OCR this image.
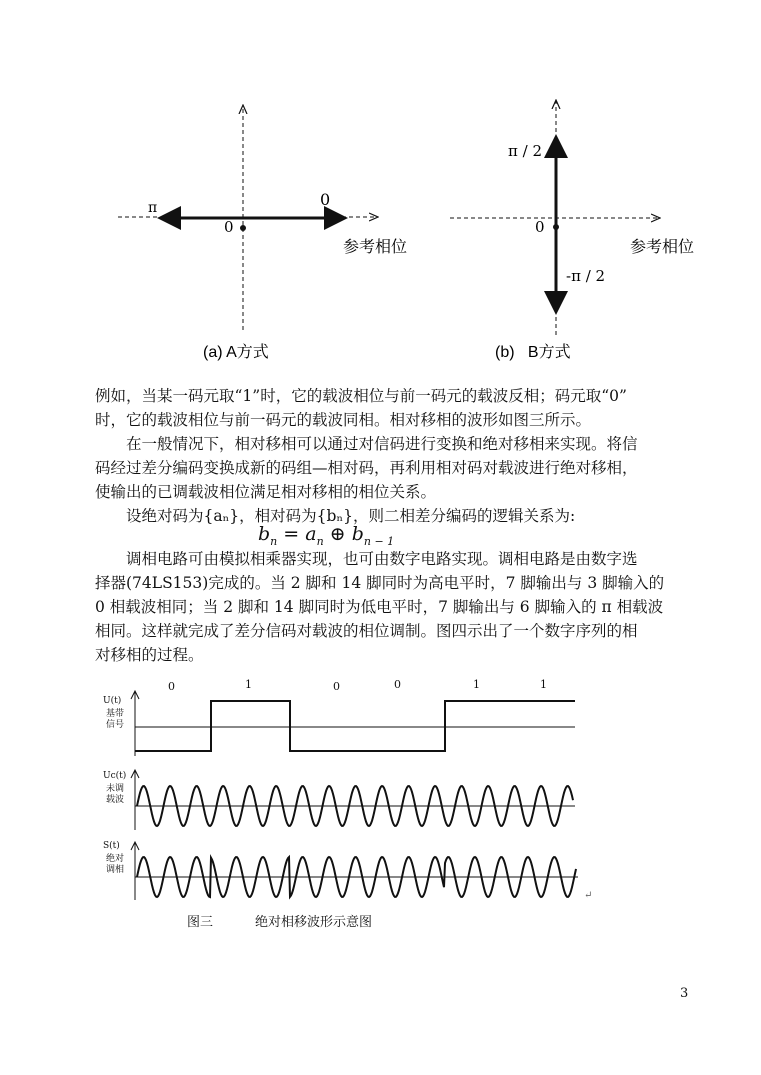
π	0
0
参考相位
(a) A方式
π / 2
0
-π / 2
参考相位
(b)   B方式
例如，当某一码元取“1”时，它的载波相位与前一码元的载波反相；码元取“0”
时，它的载波相位与前一码元的载波同相。相对移相的波形如图三所示。
在一般情况下，相对移相可以通过对信码进行变换和绝对移相来实现。将信
码经过差分编码变换成新的码组—相对码，再利用相对码对载波进行绝对移相，
使输出的已调载波相位满足相对移相的相位关系。
设绝对码为{aₙ}，相对码为{bₙ}，则二相差分编码的逻辑关系为:
$b_n = a_n$ ⊕ $b_{n - 1}$
调相电路可由模拟相乘器实现，也可由数字电路实现。调相电路是由数字选
择器(74LS153)完成的。当 2 脚和 14 脚同时为高电平时，7 脚输出与 3 脚输入的
0 相载波相同；当 2 脚和 14 脚同时为低电平时，7 脚输出与 6 脚输入的 π 相载波
相同。这样就完成了差分信码对载波的相位调制。图四示出了一个数字序列的相
对移相的过程。
0	1	0	0	1	1
U(t)
基带
信号
Uc(t)
未调
载波
S(t)
绝对
调相
↵
图三	绝对相移波形示意图
3
